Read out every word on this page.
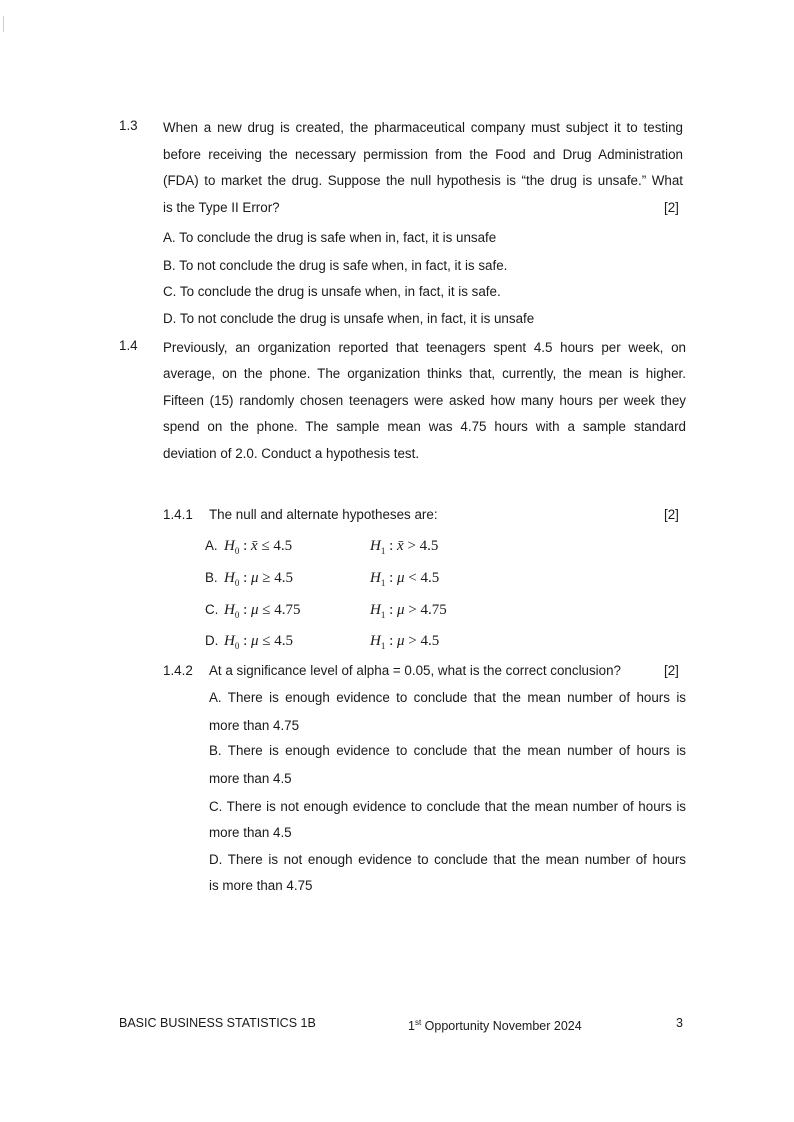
1.3 When a new drug is created, the pharmaceutical company must subject it to testing
before receiving the necessary permission from the Food and Drug Administration
(FDA) to market the drug. Suppose the null hypothesis is “the drug is unsafe.” What
is the Type II Error?	[2]
A. To conclude the drug is safe when in, fact, it is unsafe
B. To not conclude the drug is safe when, in fact, it is safe.
C. To conclude the drug is unsafe when, in fact, it is safe.
D. To not conclude the drug is unsafe when, in fact, it is unsafe
1.4 Previously, an organization reported that teenagers spent 4.5 hours per week, on
average, on the phone. The organization thinks that, currently, the mean is higher.
Fifteen (15) randomly chosen teenagers were asked how many hours per week they
spend on the phone. The sample mean was 4.75 hours with a sample standard
deviation of 2.0. Conduct a hypothesis test.
1.4.1 The null and alternate hypotheses are:	[2]
A. $H_0$ : x̄ ≤ 4.5	$H_1$ : x̄ > 4.5
B. $H_0$ : μ ≥ 4.5	$H_1$ : μ < 4.5
C. $H_0$ : μ ≤ 4.75	$H_1$ : μ > 4.75
D. $H_0$ : μ ≤ 4.5	$H_1$ : μ > 4.5
1.4.2 At a significance level of alpha = 0.05, what is the correct conclusion?	[2]
A. There is enough evidence to conclude that the mean number of hours is
more than 4.75
B. There is enough evidence to conclude that the mean number of hours is
more than 4.5
C. There is not enough evidence to conclude that the mean number of hours is
more than 4.5
D. There is not enough evidence to conclude that the mean number of hours
is more than 4.75
BASIC BUSINESS STATISTICS 1B	1st Opportunity November 2024	3
